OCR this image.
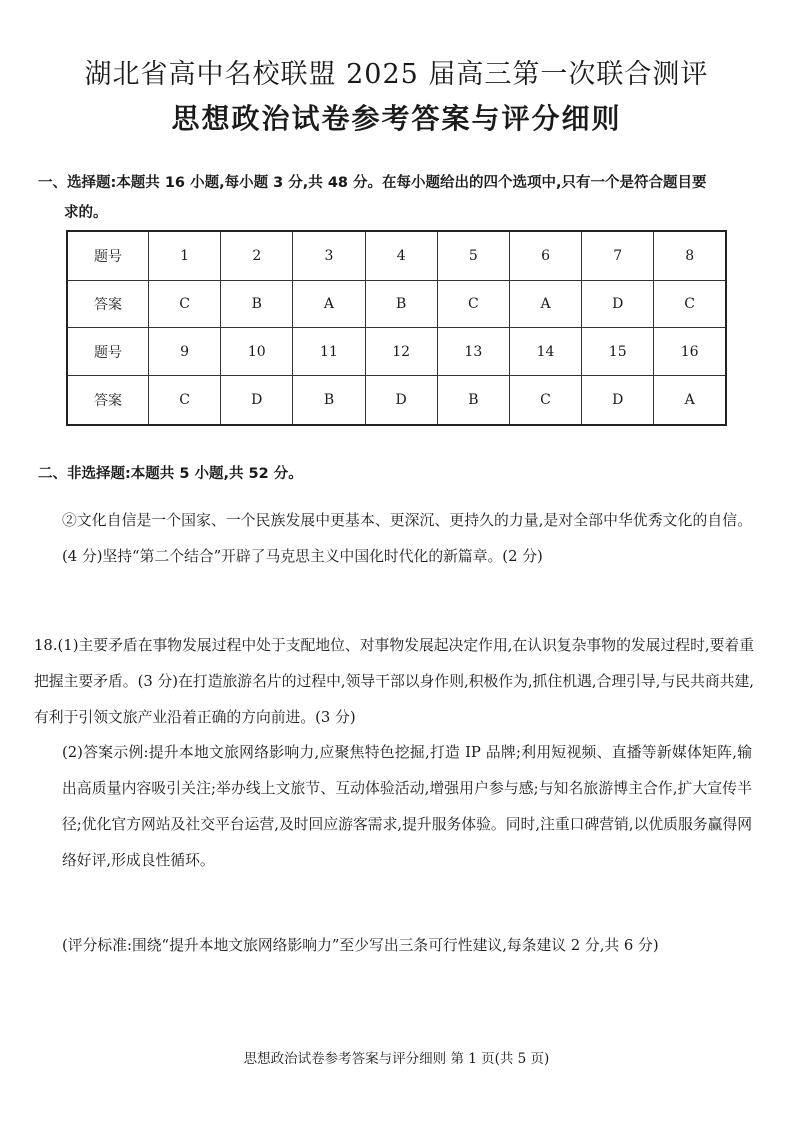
湖北省高中名校联盟 2025 届高三第一次联合测评
思想政治试卷参考答案与评分细则
一、选择题:本题共 16 小题,每小题 3 分,共 48 分。在每小题给出的四个选项中,只有一个是符合题目要
求的。
题号	1	2	3	4	5	6	7	8
答案	C	B	A	B	C	A	D	C
题号	9	10	11	12	13	14	15	16
答案	C	D	B	D	B	C	D	A
二、非选择题:本题共 5 小题,共 52 分。
②文化自信是一个国家、一个民族发展中更基本、更深沉、更持久的力量,是对全部中华优秀文化的自信。(4 分)坚持“第二个结合”开辟了马克思主义中国化时代化的新篇章。(2 分)
18.(1)主要矛盾在事物发展过程中处于支配地位、对事物发展起决定作用,在认识复杂事物的发展过程时,要着重把握主要矛盾。(3 分)在打造旅游名片的过程中,领导干部以身作则,积极作为,抓住机遇,合理引导,与民共商共建,有利于引领文旅产业沿着正确的方向前进。(3 分)
(2)答案示例:提升本地文旅网络影响力,应聚焦特色挖掘,打造 IP 品牌;利用短视频、直播等新媒体矩阵,输出高质量内容吸引关注;举办线上文旅节、互动体验活动,增强用户参与感;与知名旅游博主合作,扩大宣传半径;优化官方网站及社交平台运营,及时回应游客需求,提升服务体验。同时,注重口碑营销,以优质服务赢得网络好评,形成良性循环。
(评分标准:围绕“提升本地文旅网络影响力”至少写出三条可行性建议,每条建议 2 分,共 6 分)
思想政治试卷参考答案与评分细则 第 1 页(共 5 页)
